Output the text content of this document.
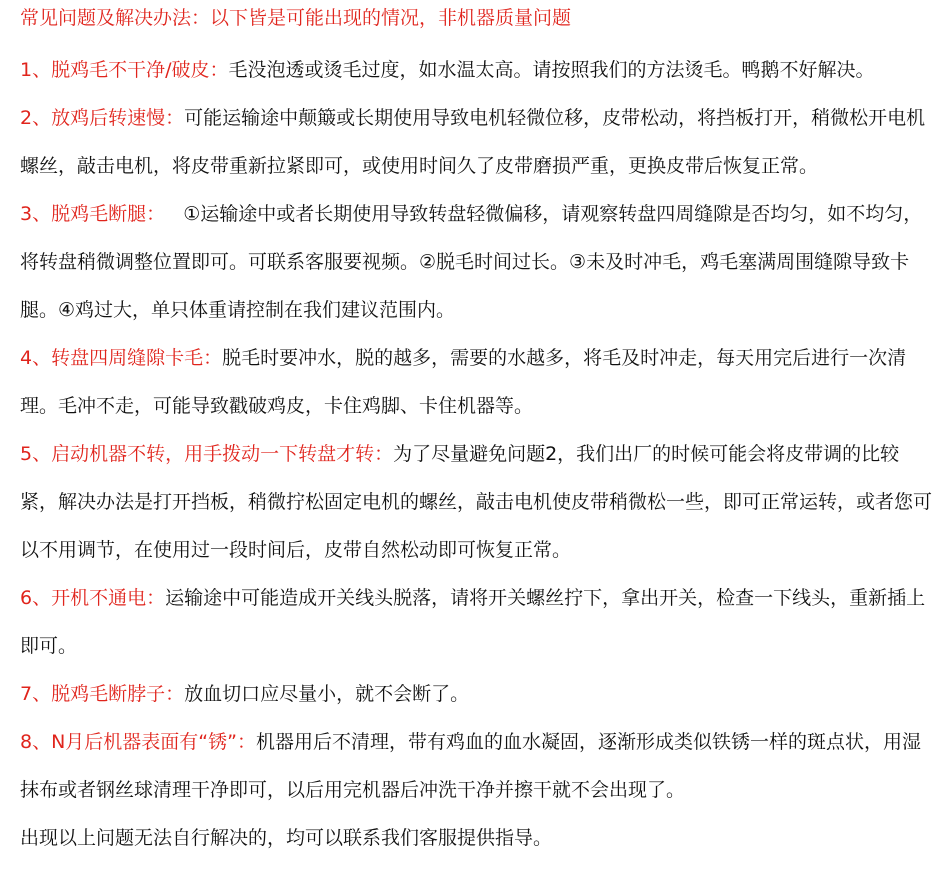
常见问题及解决办法：以下皆是可能出现的情况，非机器质量问题

1、脱鸡毛不干净/破皮：毛没泡透或烫毛过度，如水温太高。请按照我们的方法烫毛。鸭鹅不好解决。

2、放鸡后转速慢：可能运输途中颠簸或长期使用导致电机轻微位移，皮带松动，将挡板打开，稍微松开电机螺丝，敲击电机，将皮带重新拉紧即可，或使用时间久了皮带磨损严重，更换皮带后恢复正常。

3、脱鸡毛断腿：   ①运输途中或者长期使用导致转盘轻微偏移，请观察转盘四周缝隙是否均匀，如不均匀，将转盘稍微调整位置即可。可联系客服要视频。②脱毛时间过长。③未及时冲毛，鸡毛塞满周围缝隙导致卡腿。④鸡过大，单只体重请控制在我们建议范围内。

4、转盘四周缝隙卡毛：脱毛时要冲水，脱的越多，需要的水越多，将毛及时冲走，每天用完后进行一次清理。毛冲不走，可能导致戳破鸡皮，卡住鸡脚、卡住机器等。

5、启动机器不转，用手拨动一下转盘才转：为了尽量避免问题2，我们出厂的时候可能会将皮带调的比较紧，解决办法是打开挡板，稍微拧松固定电机的螺丝，敲击电机使皮带稍微松一些，即可正常运转，或者您可以不用调节，在使用过一段时间后，皮带自然松动即可恢复正常。

6、开机不通电：运输途中可能造成开关线头脱落，请将开关螺丝拧下，拿出开关，检查一下线头，重新插上即可。

7、脱鸡毛断脖子：放血切口应尽量小，就不会断了。

8、N月后机器表面有“锈”：机器用后不清理，带有鸡血的血水凝固，逐渐形成类似铁锈一样的斑点状，用湿抹布或者钢丝球清理干净即可，以后用完机器后冲洗干净并擦干就不会出现了。

出现以上问题无法自行解决的，均可以联系我们客服提供指导。
